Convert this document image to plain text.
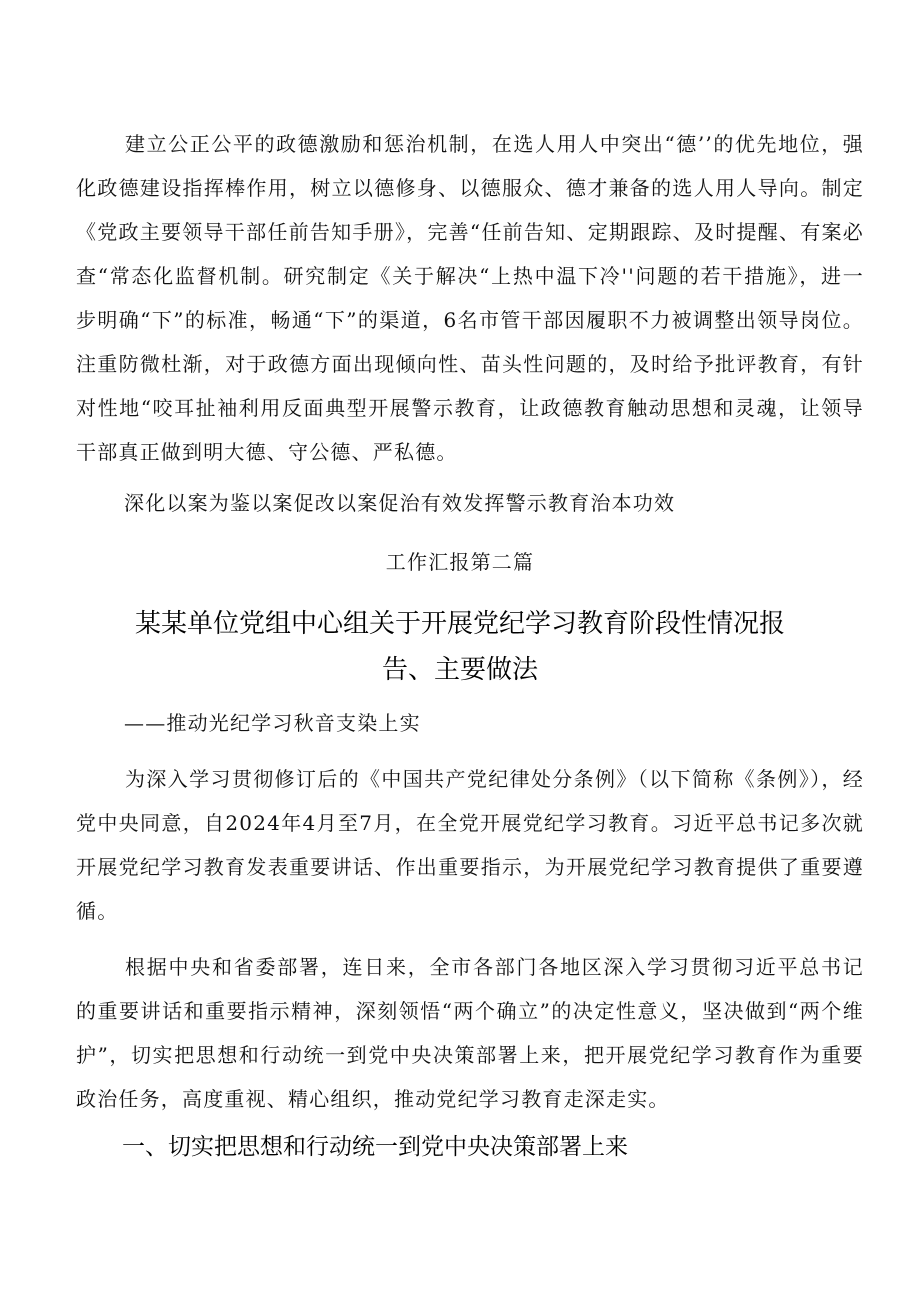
建立公正公平的政德激励和惩治机制，在选人用人中突出“德’’的优先地位，强化政德建设指挥棒作用，树立以德修身、以德服众、德才兼备的选人用人导向。制定《党政主要领导干部任前告知手册》，完善“任前告知、定期跟踪、及时提醒、有案必查“常态化监督机制。研究制定《关于解决“上热中温下冷''问题的若干措施》，进一步明确“下”的标准，畅通“下”的渠道，6名市管干部因履职不力被调整出领导岗位。注重防微杜渐，对于政德方面出现倾向性、苗头性问题的，及时给予批评教育，有针对性地“咬耳扯袖利用反面典型开展警示教育，让政德教育触动思想和灵魂，让领导干部真正做到明大德、守公德、严私德。

深化以案为鉴以案促改以案促治有效发挥警示教育治本功效

工作汇报第二篇
某某单位党组中心组关于开展党纪学习教育阶段性情况报
告、主要做法
——推动光纪学习秋音支染上实

为深入学习贯彻修订后的《中国共产党纪律处分条例》（以下简称《条例》），经党中央同意，自2024年4月至7月，在全党开展党纪学习教育。习近平总书记多次就开展党纪学习教育发表重要讲话、作出重要指示，为开展党纪学习教育提供了重要遵循。

根据中央和省委部署，连日来，全市各部门各地区深入学习贯彻习近平总书记的重要讲话和重要指示精神，深刻领悟“两个确立”的决定性意义，坚决做到“两个维护”，切实把思想和行动统一到党中央决策部署上来，把开展党纪学习教育作为重要政治任务，高度重视、精心组织，推动党纪学习教育走深走实。

一、切实把思想和行动统一到党中央决策部署上来
